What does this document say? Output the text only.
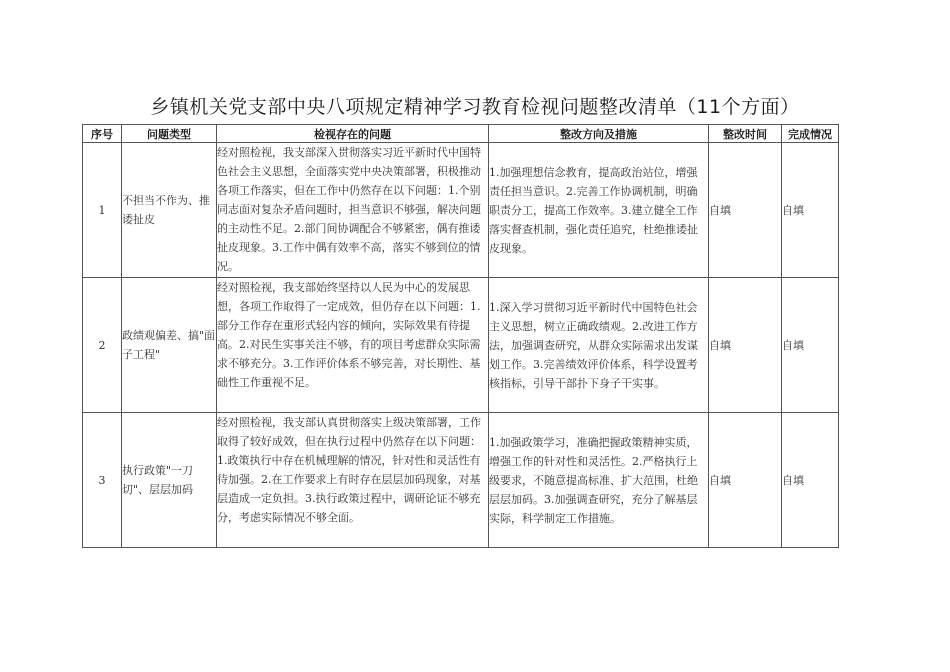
乡镇机关党支部中央八项规定精神学习教育检视问题整改清单（11个方面）
序号	问题类型	检视存在的问题	整改方向及措施	整改时间	完成情况
1	不担当不作为、推诿扯皮	经对照检视，我支部深入贯彻落实习近平新时代中国特色社会主义思想，全面落实党中央决策部署，积极推动各项工作落实，但在工作中仍然存在以下问题：1.个别同志面对复杂矛盾问题时，担当意识不够强，解决问题的主动性不足。2.部门间协调配合不够紧密，偶有推诿扯皮现象。3.工作中偶有效率不高，落实不够到位的情况。	1.加强理想信念教育，提高政治站位，增强责任担当意识。2.完善工作协调机制，明确职责分工，提高工作效率。3.建立健全工作落实督查机制，强化责任追究，杜绝推诿扯皮现象。	自填	自填
2	政绩观偏差、搞"面子工程"	经对照检视，我支部始终坚持以人民为中心的发展思想，各项工作取得了一定成效，但仍存在以下问题：1.部分工作存在重形式轻内容的倾向，实际效果有待提高。2.对民生实事关注不够，有的项目考虑群众实际需求不够充分。3.工作评价体系不够完善，对长期性、基础性工作重视不足。	1.深入学习贯彻习近平新时代中国特色社会主义思想，树立正确政绩观。2.改进工作方法，加强调查研究，从群众实际需求出发谋划工作。3.完善绩效评价体系，科学设置考核指标，引导干部扑下身子干实事。	自填	自填
3	执行政策"一刀切"、层层加码	经对照检视，我支部认真贯彻落实上级决策部署，工作取得了较好成效，但在执行过程中仍然存在以下问题：1.政策执行中存在机械理解的情况，针对性和灵活性有待加强。2.在工作要求上有时存在层层加码现象，对基层造成一定负担。3.执行政策过程中，调研论证不够充分，考虑实际情况不够全面。	1.加强政策学习，准确把握政策精神实质，增强工作的针对性和灵活性。2.严格执行上级要求，不随意提高标准、扩大范围，杜绝层层加码。3.加强调查研究，充分了解基层实际，科学制定工作措施。	自填	自填
